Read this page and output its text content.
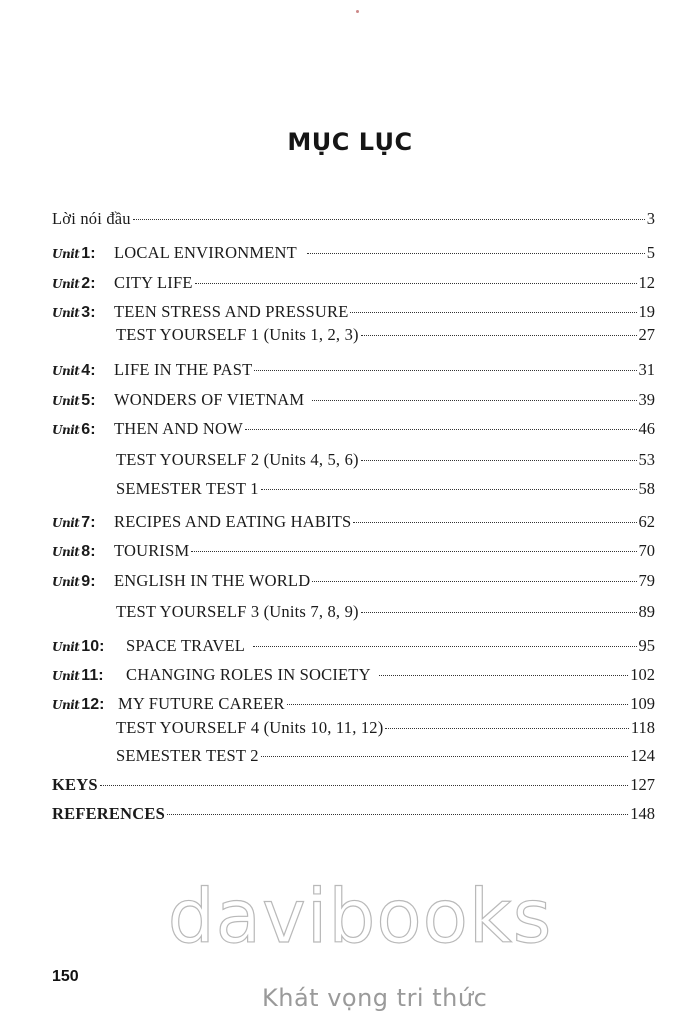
MỤC LỤC
Lời nói đầu	3
Unit 1: LOCAL ENVIRONMENT	5
Unit 2: CITY LIFE	12
Unit 3: TEEN STRESS AND PRESSURE	19
TEST YOURSELF 1 (Units 1, 2, 3)	27
Unit 4: LIFE IN THE PAST	31
Unit 5: WONDERS OF VIETNAM	39
Unit 6: THEN AND NOW	46
TEST YOURSELF 2 (Units 4, 5, 6)	53
SEMESTER TEST 1	58
Unit 7: RECIPES AND EATING HABITS	62
Unit 8: TOURISM	70
Unit 9: ENGLISH IN THE WORLD	79
TEST YOURSELF 3 (Units 7, 8, 9)	89
Unit 10: SPACE TRAVEL	95
Unit 11: CHANGING ROLES IN SOCIETY	102
Unit 12: MY FUTURE CAREER	109
TEST YOURSELF 4 (Units 10, 11, 12)	118
SEMESTER TEST 2	124
KEYS	127
REFERENCES	148
davibooks
Khát vọng tri thức
150
